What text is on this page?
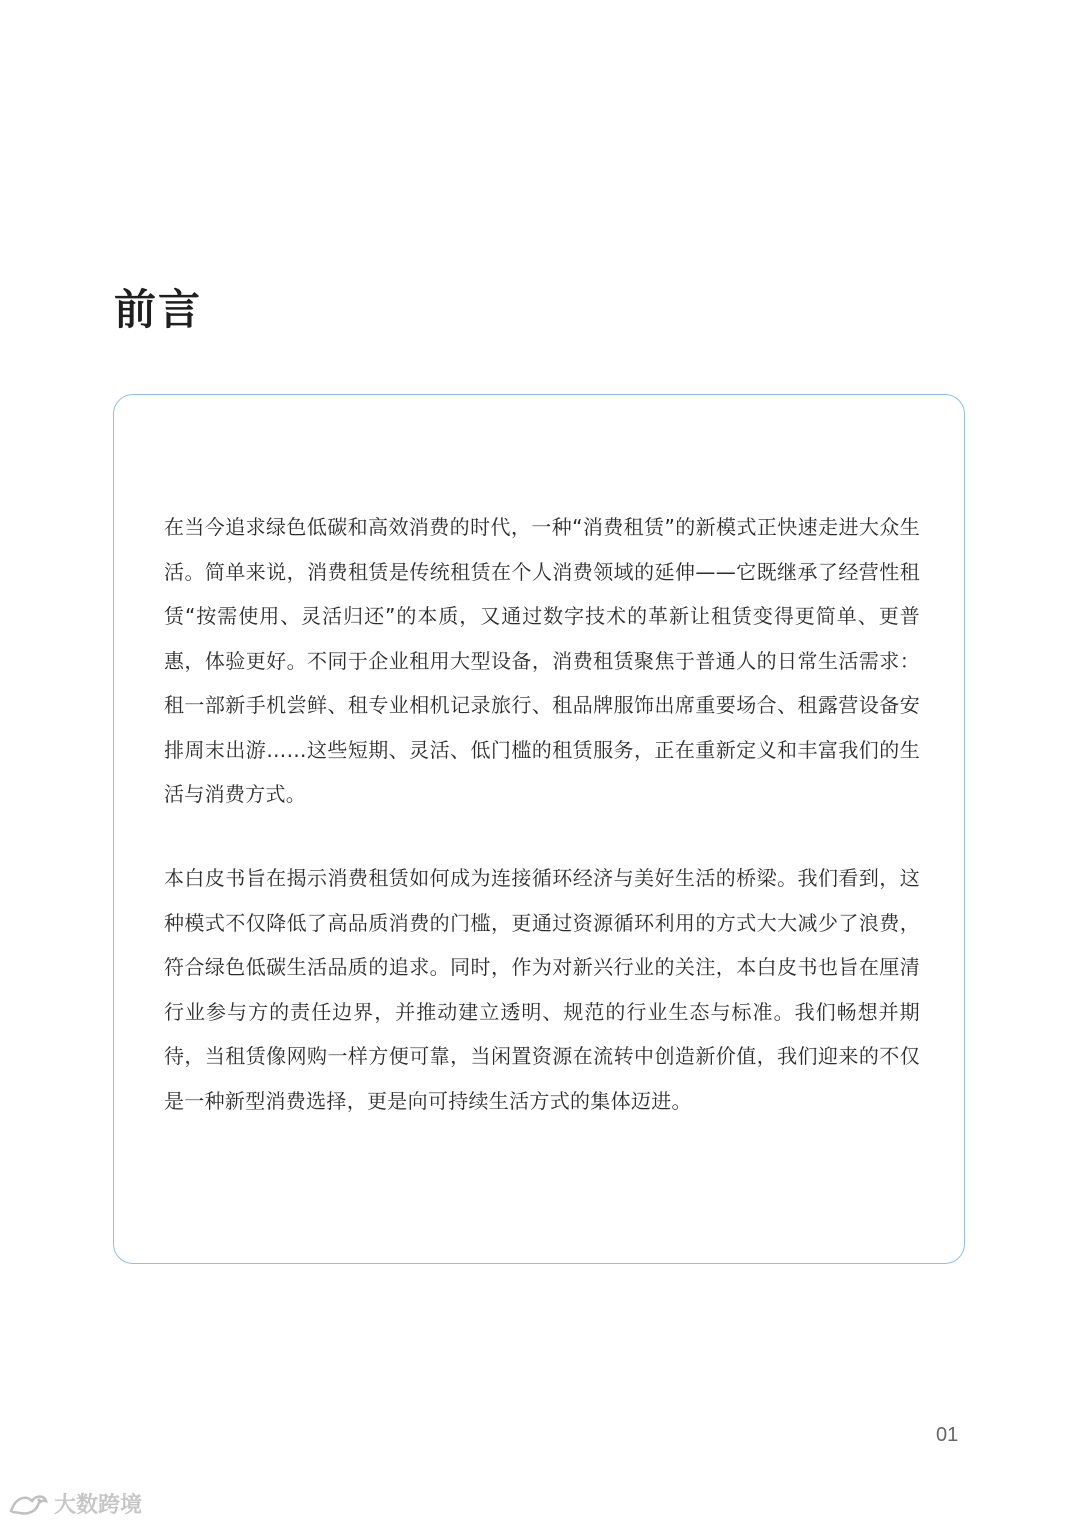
前言

在当今追求绿色低碳和高效消费的时代，一种“消费租赁”的新模式正快速走进大众生活。简单来说，消费租赁是传统租赁在个人消费领域的延伸——它既继承了经营性租赁“按需使用、灵活归还”的本质，又通过数字技术的革新让租赁变得更简单、更普惠，体验更好。不同于企业租用大型设备，消费租赁聚焦于普通人的日常生活需求：租一部新手机尝鲜、租专业相机记录旅行、租品牌服饰出席重要场合、租露营设备安排周末出游……这些短期、灵活、低门槛的租赁服务，正在重新定义和丰富我们的生活与消费方式。

本白皮书旨在揭示消费租赁如何成为连接循环经济与美好生活的桥梁。我们看到，这种模式不仅降低了高品质消费的门槛，更通过资源循环利用的方式大大减少了浪费，符合绿色低碳生活品质的追求。同时，作为对新兴行业的关注，本白皮书也旨在厘清行业参与方的责任边界，并推动建立透明、规范的行业生态与标准。我们畅想并期待，当租赁像网购一样方便可靠，当闲置资源在流转中创造新价值，我们迎来的不仅是一种新型消费选择，更是向可持续生活方式的集体迈进。

01
大数跨境
